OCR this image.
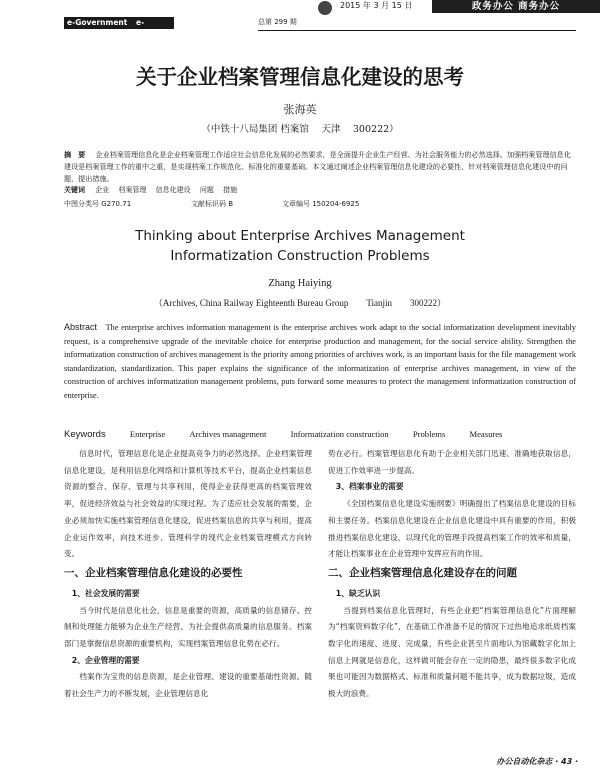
e-Government e-Business
总第 299 期
2015 年 3 月 15 日	政务办公 商务办公
关于企业档案管理信息化建设的思考
张海英
（中铁十八局集团 档案馆　 天津　 300222）
摘　要 企业档案管理信息化是企业档案管理工作适应社会信息化发展的必然要求，是全面提升企业生产经营、为社会服务能力的必然选择。加强档案管理信息化建设是档案管理工作的重中之重，是实现档案工作规范化、标准化的重要基础。本文通过阐述企业档案管理信息化建设的必要性、针对档案管理信息化建设中的问题，提出措施。
关键词 企业　 档案管理　 信息化建设　 问题　 措施
中图分类号 G270.71	文献标识码 B	文章编号 150204-6925
Thinking about Enterprise Archives Management
Informatization Construction Problems
Zhang Haiying
（Archives, China Railway Eighteenth Bureau Group　　Tianjin　　300222）
Abstract The enterprise archives information management is the enterprise archives work adapt to the social informatization development inevitably request, is a comprehensive upgrade of the inevitable choice for enterprise production and management, for the social service ability. Strengthen the informatization construction of archives management is the priority among priorities of archives work, is an important basis for the file management work standardization, standardization. This paper explains the significance of the informatization of enterprise archives management, in view of the construction of archives informatization management problems, puts forward some measures to protect the management informatization construction of enterprise.
Keywords	Enterprise	Archives management	Informatization construction	Problems	Measures

信息时代，管理信息化是企业提高竞争力的必然选择。企业档案管理信息化建设，是利用信息化网络和计算机等技术平台，提高企业档案信息资源的整合、保存、管理与共享利用，使得企业获得更高的档案管理效率，促进经济效益与社会效益的实现过程。为了适应社会发展的需要，企业必须加快实施档案管理信息化建设，促进档案信息的共享与利用，提高企业运作效率，向技术进步、管理科学的现代企业档案管理模式方向转变。

一、企业档案管理信息化建设的必要性

1、社会发展的需要

当今时代是信息化社会，信息是重要的资源，高质量的信息储存、控制和处理能力能够为企业生产经营、为社会提供高质量的信息服务。档案部门是掌握信息资源的重要机构，实现档案管理信息化势在必行。

2、企业管理的需要

档案作为宝贵的信息资源，是企业管理、建设的重要基础性资源。随着社会生产力的不断发展，企业管理信息化

势在必行。档案管理信息化有助于企业相关部门迅速、准确地获取信息，促进工作效率进一步提高。

3、档案事业的需要

《全国档案信息化建设实施纲要》明确提出了档案信息化建设的目标和主要任务。档案信息化建设在企业信息化建设中具有重要的作用，积极推进档案信息化建设，以现代化的管理手段提高档案工作的效率和质量，才能让档案事业在企业管理中发挥应有的作用。

二、企业档案管理信息化建设存在的问题

1、缺乏认识

当提到档案信息化管理时，有些企业把“档案管理信息化”片面理解为“档案资料数字化”，在基础工作准备不足的情况下过热地追求纸质档案数字化的速度、进度、完成量，有些企业甚至片面地认为馆藏数字化加上信息上网就是信息化，这样做可能会存在一定的隐患，最终很多数字化成果也可能因为数据格式、标准和质量问题不能共享，成为数据垃圾，造成极大的浪费。

办公自动化杂志 · 43 ·
